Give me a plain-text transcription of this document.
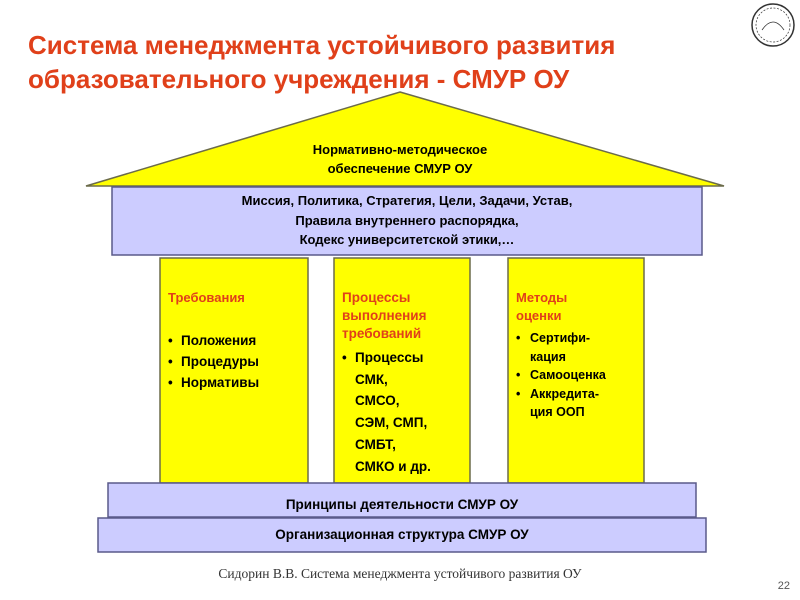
Система менеджмента устойчивого развития
образовательного учреждения - СМУР ОУ
Нормативно-методическое
обеспечение СМУР ОУ
Миссия, Политика, Стратегия, Цели, Задачи, Устав,
Правила внутреннего распорядка,
Кодекс университетской этики,…
Требования
• Положения
• Процедуры
• Нормативы
Процессы
выполнения
требований
• Процессы
СМК,
СМСО,
СЭМ, СМП,
СМБТ,
СМКО и др.
Методы
оценки
• Сертифи-
кация
• Самооценка
• Аккредита-
ция ООП
Принципы деятельности СМУР ОУ
Организационная структура СМУР ОУ
Сидорин В.В. Система менеджмента устойчивого развития ОУ
22
